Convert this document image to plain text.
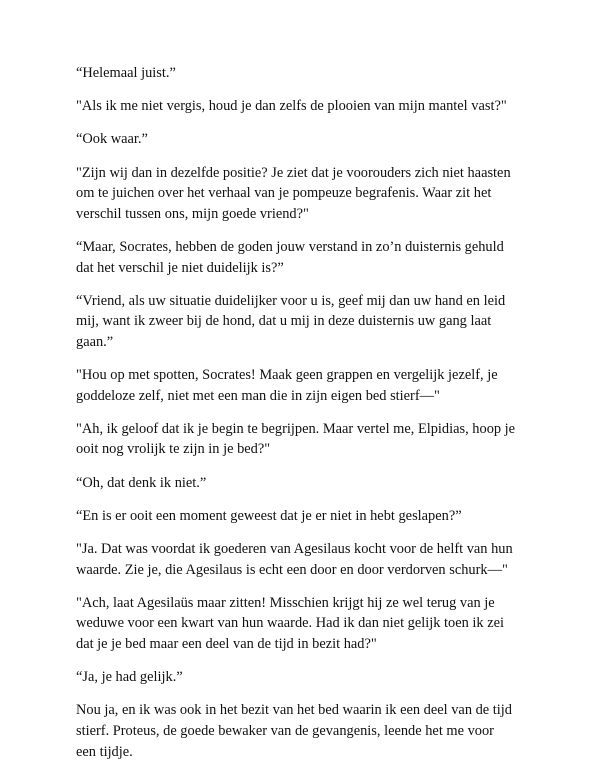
“Helemaal juist.”

"Als ik me niet vergis, houd je dan zelfs de plooien van mijn mantel vast?"

“Ook waar.”

"Zijn wij dan in dezelfde positie? Je ziet dat je voorouders zich niet haasten
om te juichen over het verhaal van je pompeuze begrafenis. Waar zit het
verschil tussen ons, mijn goede vriend?"

“Maar, Socrates, hebben de goden jouw verstand in zo’n duisternis gehuld
dat het verschil je niet duidelijk is?”

“Vriend, als uw situatie duidelijker voor u is, geef mij dan uw hand en leid
mij, want ik zweer bij de hond, dat u mij in deze duisternis uw gang laat
gaan.”

"Hou op met spotten, Socrates! Maak geen grappen en vergelijk jezelf, je
goddeloze zelf, niet met een man die in zijn eigen bed stierf—"

"Ah, ik geloof dat ik je begin te begrijpen. Maar vertel me, Elpidias, hoop je
ooit nog vrolijk te zijn in je bed?"

“Oh, dat denk ik niet.”

“En is er ooit een moment geweest dat je er niet in hebt geslapen?”

"Ja. Dat was voordat ik goederen van Agesilaus kocht voor de helft van hun
waarde. Zie je, die Agesilaus is echt een door en door verdorven schurk—"

"Ach, laat Agesilaüs maar zitten! Misschien krijgt hij ze wel terug van je
weduwe voor een kwart van hun waarde. Had ik dan niet gelijk toen ik zei
dat je je bed maar een deel van de tijd in bezit had?"

“Ja, je had gelijk.”

Nou ja, en ik was ook in het bezit van het bed waarin ik een deel van de tijd
stierf. Proteus, de goede bewaker van de gevangenis, leende het me voor
een tijdje.
